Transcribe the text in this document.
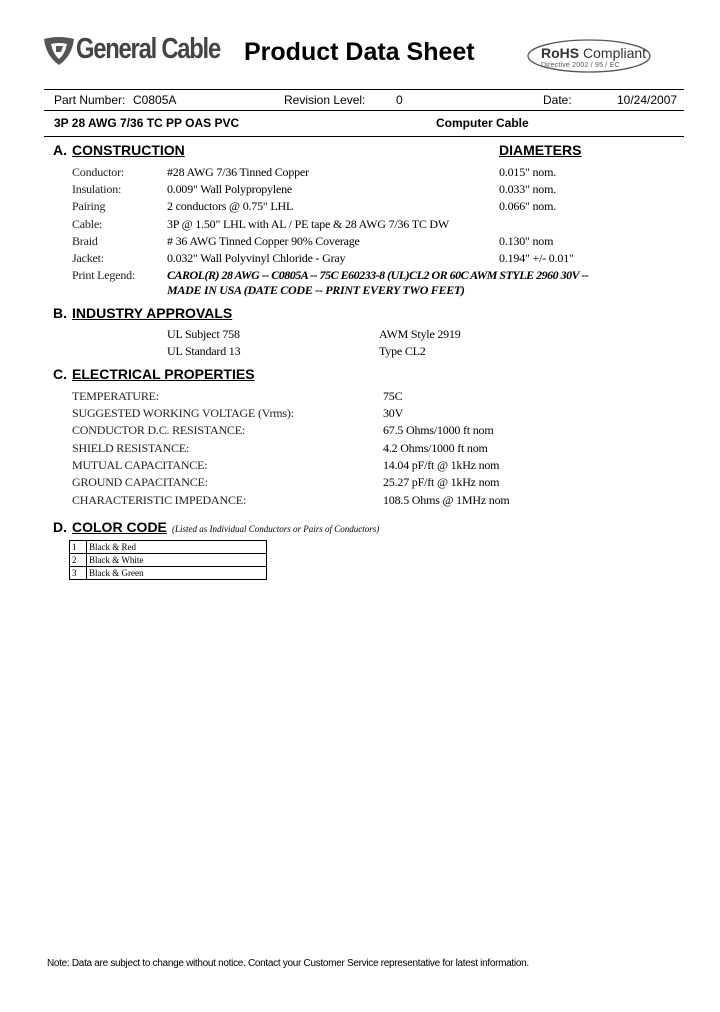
General Cable Product Data Sheet	RoHS Compliant
Directive 2002 / 95 / EC
Part Number: C0805A	Revision Level:	0	Date:	10/24/2007
3P 28 AWG 7/36 TC PP OAS PVC	Computer Cable
A. CONSTRUCTION	DIAMETERS
Conductor:	#28 AWG 7/36 Tinned Copper	0.015" nom.
Insulation:	0.009" Wall Polypropylene	0.033" nom.
Pairing	2 conductors @ 0.75" LHL	0.066" nom.
Cable:	3P @ 1.50" LHL with AL / PE tape & 28 AWG 7/36 TC DW
Braid	# 36 AWG Tinned Copper 90% Coverage	0.130" nom
Jacket:	0.032" Wall Polyvinyl Chloride - Gray	0.194" +/- 0.01"
Print Legend:	CAROL(R) 28 AWG -- C0805A -- 75C E60233-8 (UL)CL2 OR 60C AWM STYLE 2960 30V --
MADE IN USA (DATE CODE -- PRINT EVERY TWO FEET)
B. INDUSTRY APPROVALS
UL Subject 758	AWM Style 2919
UL Standard 13	Type CL2
C. ELECTRICAL PROPERTIES
TEMPERATURE:	75C
SUGGESTED WORKING VOLTAGE (Vrms):	30V
CONDUCTOR D.C. RESISTANCE:	67.5 Ohms/1000 ft nom
SHIELD RESISTANCE:	4.2 Ohms/1000 ft nom
MUTUAL CAPACITANCE:	14.04 pF/ft @ 1kHz nom
GROUND CAPACITANCE:	25.27 pF/ft @ 1kHz nom
CHARACTERISTIC IMPEDANCE:	108.5 Ohms @ 1MHz nom
D. COLOR CODE (Listed as Individual Conductors or Pairs of Conductors)
1	Black & Red
2	Black & White
3	Black & Green
Note: Data are subject to change without notice. Contact your Customer Service representative for latest information.
